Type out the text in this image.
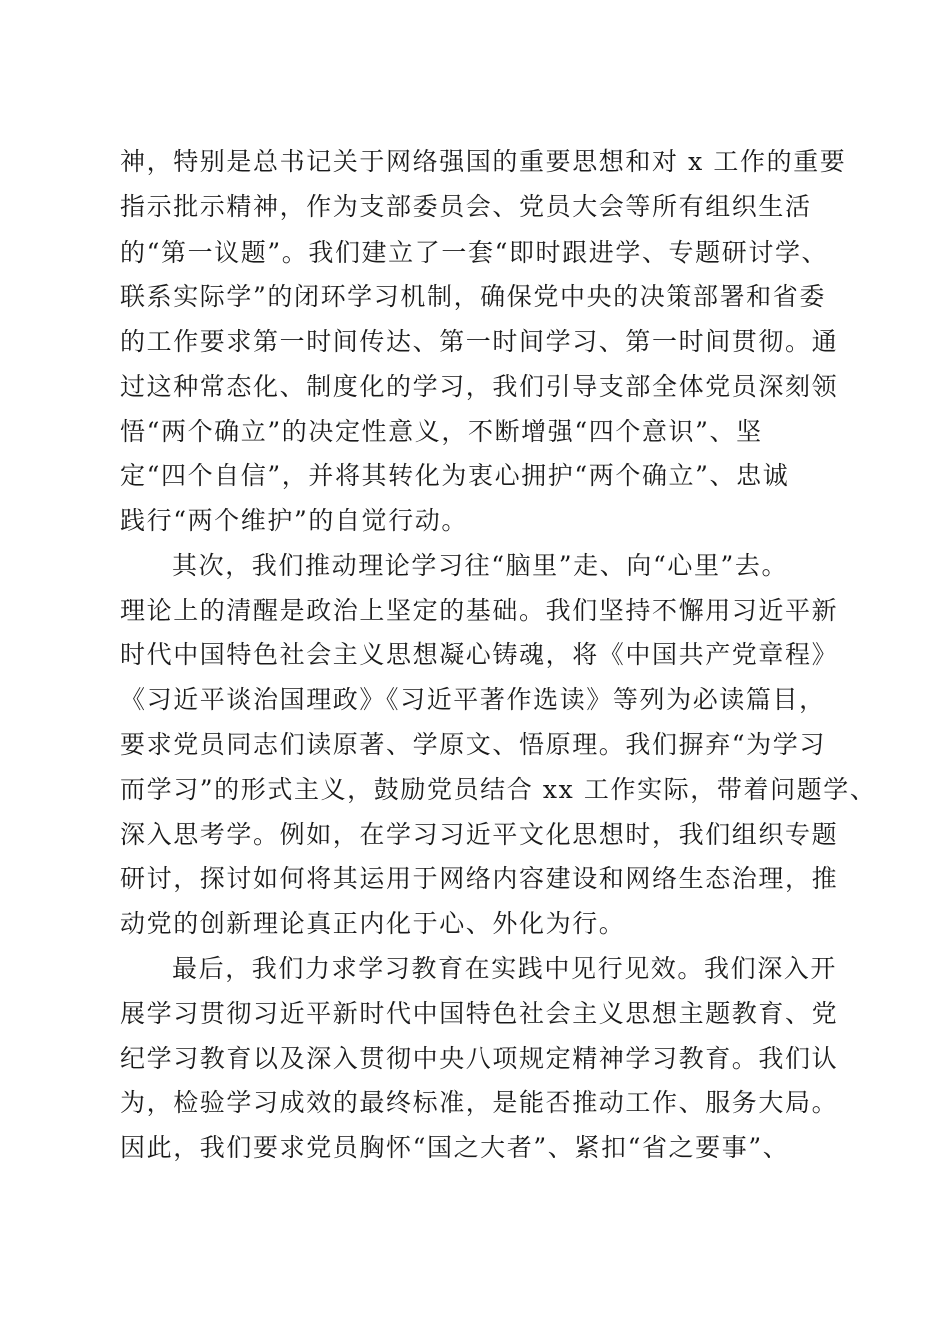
神，特别是总书记关于网络强国的重要思想和对 x 工作的重要
指示批示精神，作为支部委员会、党员大会等所有组织生活
的“第一议题”。我们建立了一套“即时跟进学、专题研讨学、
联系实际学”的闭环学习机制，确保党中央的决策部署和省委
的工作要求第一时间传达、第一时间学习、第一时间贯彻。通
过这种常态化、制度化的学习，我们引导支部全体党员深刻领
悟“两个确立”的决定性意义，不断增强“四个意识”、坚
定“四个自信”，并将其转化为衷心拥护“两个确立”、忠诚
践行“两个维护”的自觉行动。
其次，我们推动理论学习往“脑里”走、向“心里”去。
理论上的清醒是政治上坚定的基础。我们坚持不懈用习近平新
时代中国特色社会主义思想凝心铸魂，将《中国共产党章程》
《习近平谈治国理政》《习近平著作选读》等列为必读篇目，
要求党员同志们读原著、学原文、悟原理。我们摒弃“为学习
而学习”的形式主义，鼓励党员结合 xx 工作实际，带着问题学、
深入思考学。例如，在学习习近平文化思想时，我们组织专题
研讨，探讨如何将其运用于网络内容建设和网络生态治理，推
动党的创新理论真正内化于心、外化为行。
最后，我们力求学习教育在实践中见行见效。我们深入开
展学习贯彻习近平新时代中国特色社会主义思想主题教育、党
纪学习教育以及深入贯彻中央八项规定精神学习教育。我们认
为，检验学习成效的最终标准，是能否推动工作、服务大局。
因此，我们要求党员胸怀“国之大者”、紧扣“省之要事”、
